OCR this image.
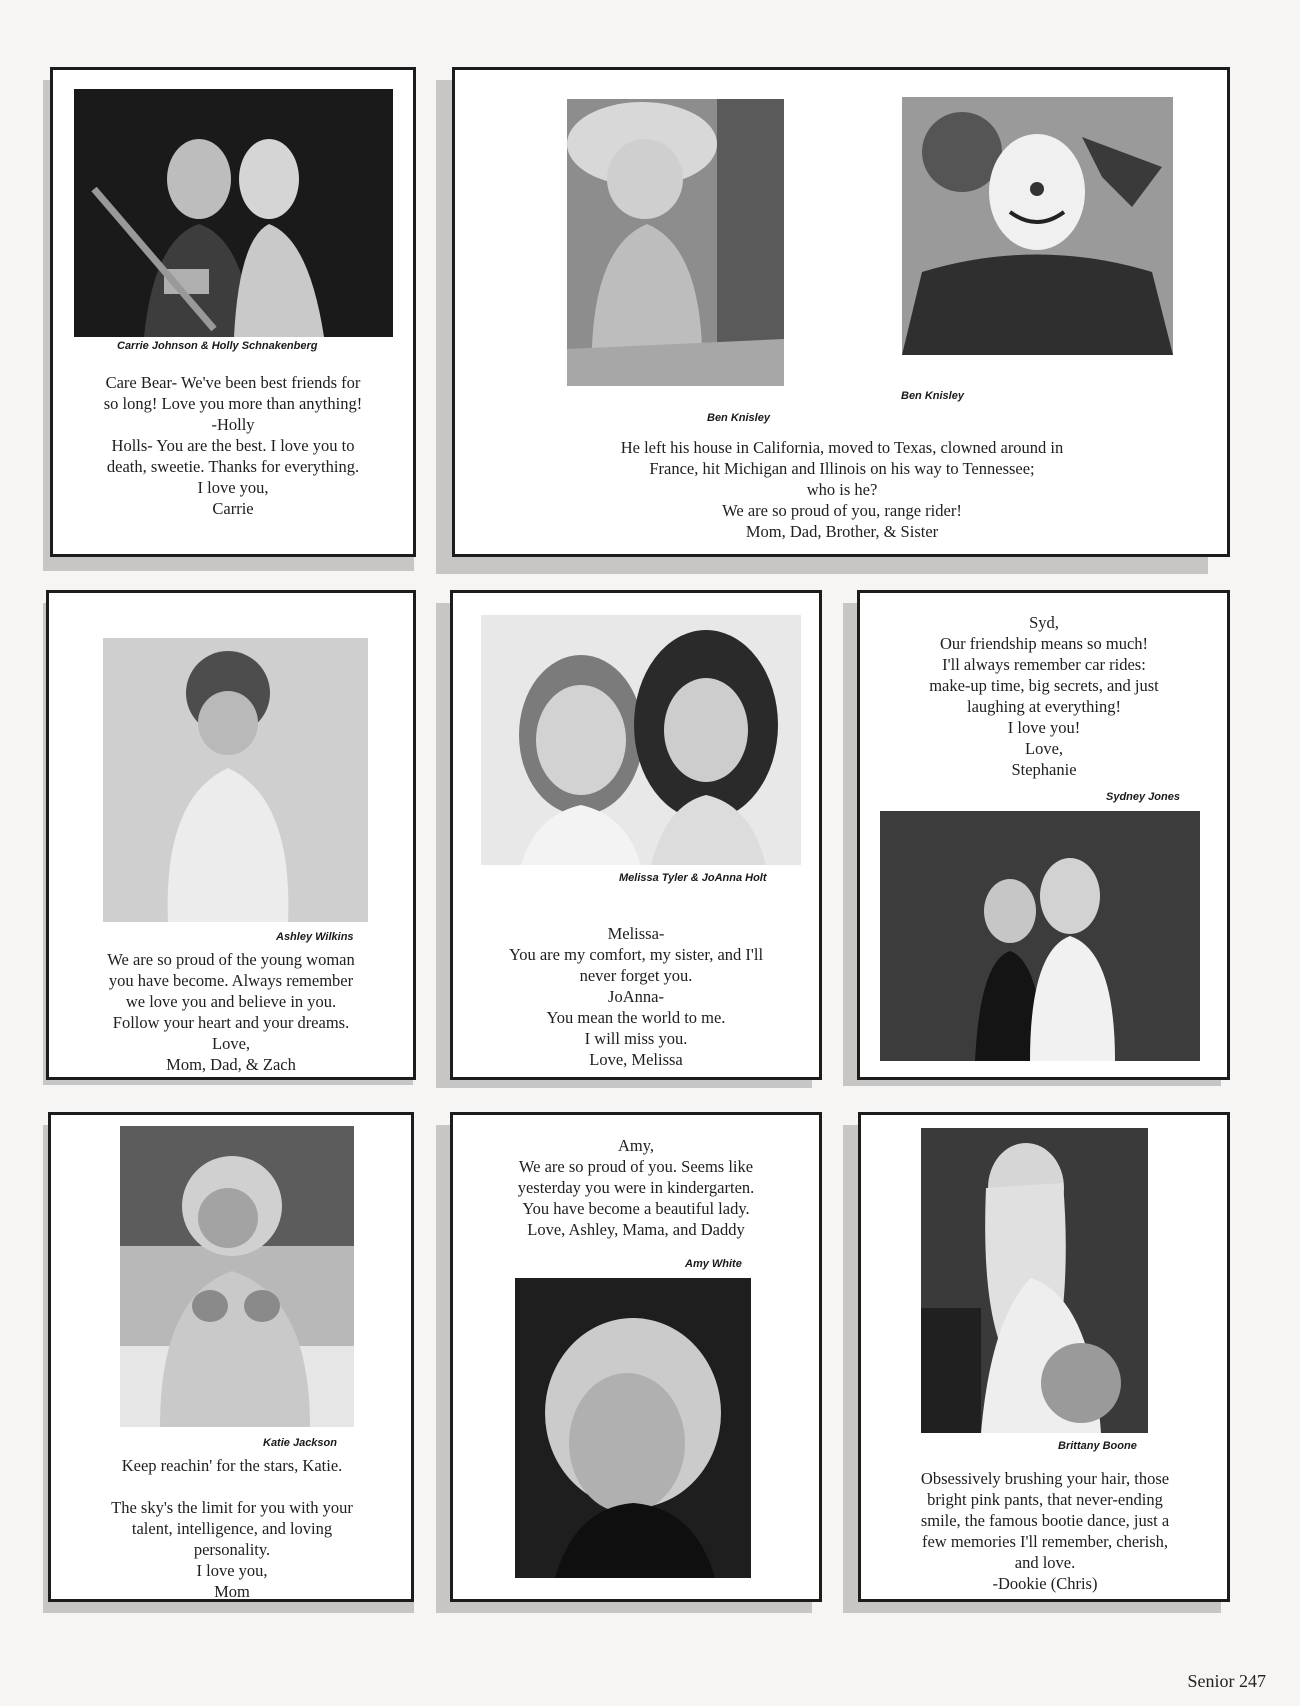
Carrie Johnson & Holly Schnakenberg
Care Bear- We've been best friends for
so long! Love you more than anything!
-Holly
Holls- You are the best. I love you to
death, sweetie. Thanks for everything.
I love you,
Carrie
Ben Knisley
Ben Knisley
He left his house in California, moved to Texas, clowned around in
France, hit Michigan and Illinois on his way to Tennessee;
who is he?
We are so proud of you, range rider!
Mom, Dad, Brother, & Sister
Ashley Wilkins
We are so proud of the young woman
you have become. Always remember
we love you and believe in you.
Follow your heart and your dreams.
Love,
Mom, Dad, & Zach
Melissa Tyler & JoAnna Holt
Melissa-
You are my comfort, my sister, and I'll
never forget you.
JoAnna-
You mean the world to me.
I will miss you.
Love, Melissa
Syd,
Our friendship means so much!
I'll always remember car rides:
make-up time, big secrets, and just
laughing at everything!
I love you!
Love,
Stephanie
Sydney Jones
Katie Jackson
Keep reachin' for the stars, Katie.
The sky's the limit for you with your
talent, intelligence, and loving
personality.
I love you,
Mom
Amy,
We are so proud of you. Seems like
yesterday you were in kindergarten.
You have become a beautiful lady.
Love, Ashley, Mama, and Daddy
Amy White
Brittany Boone
Obsessively brushing your hair, those
bright pink pants, that never-ending
smile, the famous bootie dance, just a
few memories I'll remember, cherish,
and love.
-Dookie (Chris)
Senior 247
